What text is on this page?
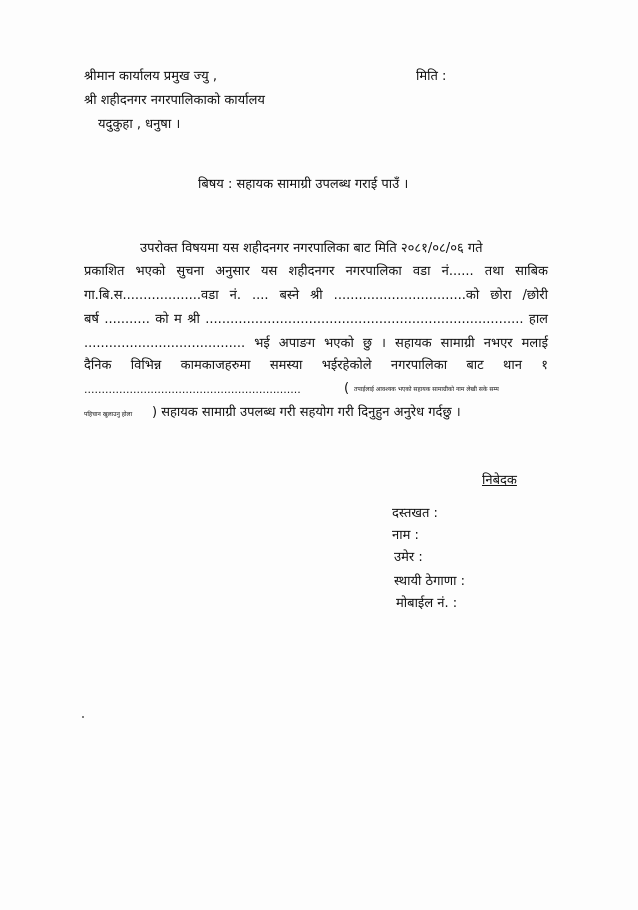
श्रीमान कार्यालय प्रमुख ज्यु ,	मिति :
श्री शहीदनगर नगरपालिकाको कार्यालय
यदुकुहा , धनुषा ।
बिषय : सहायक सामाग्री उपलब्ध गराई पाउँ ।
उपरोक्त विषयमा यस शहीदनगर नगरपालिका बाट मिति २०८१/०८/०६ गते
प्रकाशित भएको सुचना अनुसार यस शहीदनगर नगरपालिका वडा नं...... तथा साबिक
गा.बि.स...................वडा नं. .... बस्ने श्री ................................को छोरा /छोरी
बर्ष ........... को म श्री ............................................................................. हाल
....................................... भई अपाङग भएको छु । सहायक सामाग्री नभएर मलाई
दैनिक विभिन्न कामकाजहरुमा समस्या भईरहेकोले नगरपालिका बाट थान १
..............................................................	( तपाईलाई आवश्यक भएको सहायक सामाग्रीको नाम लेखी सके सम्म
पहिचान खुलाउनु होला ) सहायक सामाग्री उपलब्ध गरी सहयोग गरी दिनुहुन अनुरेध गर्दछु ।
निबेदक
दस्तखत :
नाम :
उमेर :
स्थायी ठेगाणा :
मोबाईल नं. :
